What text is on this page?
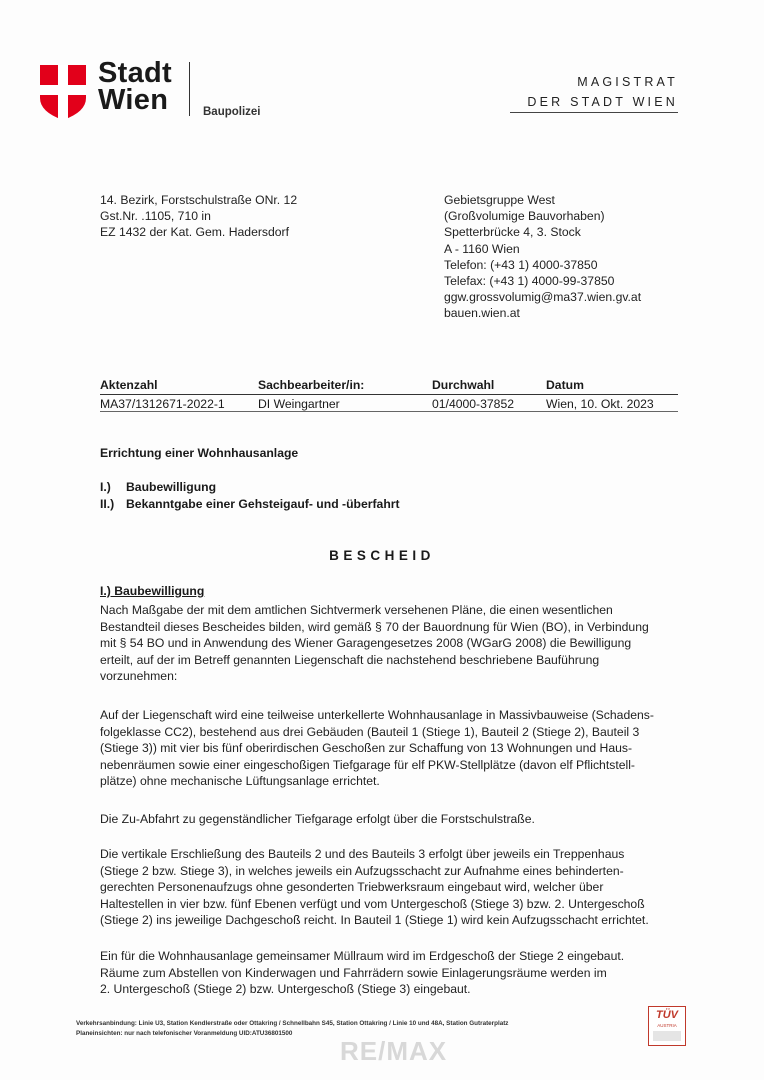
Stadt
Wien	Baupolizei
MAGISTRAT
DER STADT WIEN
14. Bezirk, Forstschulstraße ONr. 12
Gst.Nr. .1105, 710 in
EZ 1432 der Kat. Gem. Hadersdorf
Gebietsgruppe West
(Großvolumige Bauvorhaben)
Spetterbrücke 4, 3. Stock
A - 1160 Wien
Telefon: (+43 1) 4000-37850
Telefax: (+43 1) 4000-99-37850
ggw.grossvolumig@ma37.wien.gv.at
bauen.wien.at
Aktenzahl	Sachbearbeiter/in:	Durchwahl	Datum
MA37/1312671-2022-1	DI Weingartner	01/4000-37852	Wien, 10. Okt. 2023
Errichtung einer Wohnhausanlage
I.) Baubewilligung
II.) Bekanntgabe einer Gehsteigauf- und -überfahrt
BESCHEID
I.) Baubewilligung
Nach Maßgabe der mit dem amtlichen Sichtvermerk versehenen Pläne, die einen wesentlichen
Bestandteil dieses Bescheides bilden, wird gemäß § 70 der Bauordnung für Wien (BO), in Verbindung
mit § 54 BO und in Anwendung des Wiener Garagengesetzes 2008 (WGarG 2008) die Bewilligung
erteilt, auf der im Betreff genannten Liegenschaft die nachstehend beschriebene Bauführung
vorzunehmen:
Auf der Liegenschaft wird eine teilweise unterkellerte Wohnhausanlage in Massivbauweise (Schadens-
folgeklasse CC2), bestehend aus drei Gebäuden (Bauteil 1 (Stiege 1), Bauteil 2 (Stiege 2), Bauteil 3
(Stiege 3)) mit vier bis fünf oberirdischen Geschoßen zur Schaffung von 13 Wohnungen und Haus-
nebenräumen sowie einer eingeschoßigen Tiefgarage für elf PKW-Stellplätze (davon elf Pflichtstell-
plätze) ohne mechanische Lüftungsanlage errichtet.
Die Zu-Abfahrt zu gegenständlicher Tiefgarage erfolgt über die Forstschulstraße.
Die vertikale Erschließung des Bauteils 2 und des Bauteils 3 erfolgt über jeweils ein Treppenhaus
(Stiege 2 bzw. Stiege 3), in welches jeweils ein Aufzugsschacht zur Aufnahme eines behinderten-
gerechten Personenaufzugs ohne gesonderten Triebwerksraum eingebaut wird, welcher über
Haltestellen in vier bzw. fünf Ebenen verfügt und vom Untergeschoß (Stiege 3) bzw. 2. Untergeschoß
(Stiege 2) ins jeweilige Dachgeschoß reicht. In Bauteil 1 (Stiege 1) wird kein Aufzugsschacht errichtet.
Ein für die Wohnhausanlage gemeinsamer Müllraum wird im Erdgeschoß der Stiege 2 eingebaut.
Räume zum Abstellen von Kinderwagen und Fahrrädern sowie Einlagerungsräume werden im
2. Untergeschoß (Stiege 2) bzw. Untergeschoß (Stiege 3) eingebaut.
Verkehrsanbindung: Linie U3, Station Kendlerstraße oder Ottakring / Schnellbahn S45, Station Ottakring / Linie 10 und 48A, Station Gutraterplatz
Planeinsichten: nur nach telefonischer Voranmeldung UID:ATU36801500
TÜV
AUSTRIA
RE/MAX
